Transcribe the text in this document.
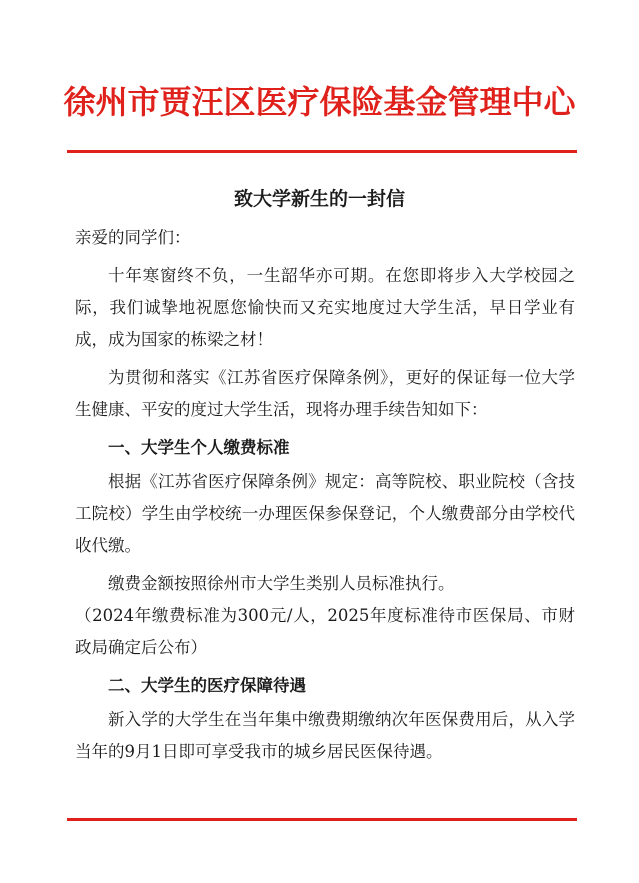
徐州市贾汪区医疗保险基金管理中心
致大学新生的一封信

亲爱的同学们：

十年寒窗终不负，一生韶华亦可期。在您即将步入大学校园之际，我们诚挚地祝愿您愉快而又充实地度过大学生活，早日学业有成，成为国家的栋梁之材！

为贯彻和落实《江苏省医疗保障条例》，更好的保证每一位大学生健康、平安的度过大学生活，现将办理手续告知如下：

一、大学生个人缴费标准

根据《江苏省医疗保障条例》规定：高等院校、职业院校（含技工院校）学生由学校统一办理医保参保登记，个人缴费部分由学校代收代缴。

缴费金额按照徐州市大学生类别人员标准执行。

（2024年缴费标准为300元/人，2025年度标准待市医保局、市财政局确定后公布）

二、大学生的医疗保障待遇

新入学的大学生在当年集中缴费期缴纳次年医保费用后，从入学当年的9月1日即可享受我市的城乡居民医保待遇。
